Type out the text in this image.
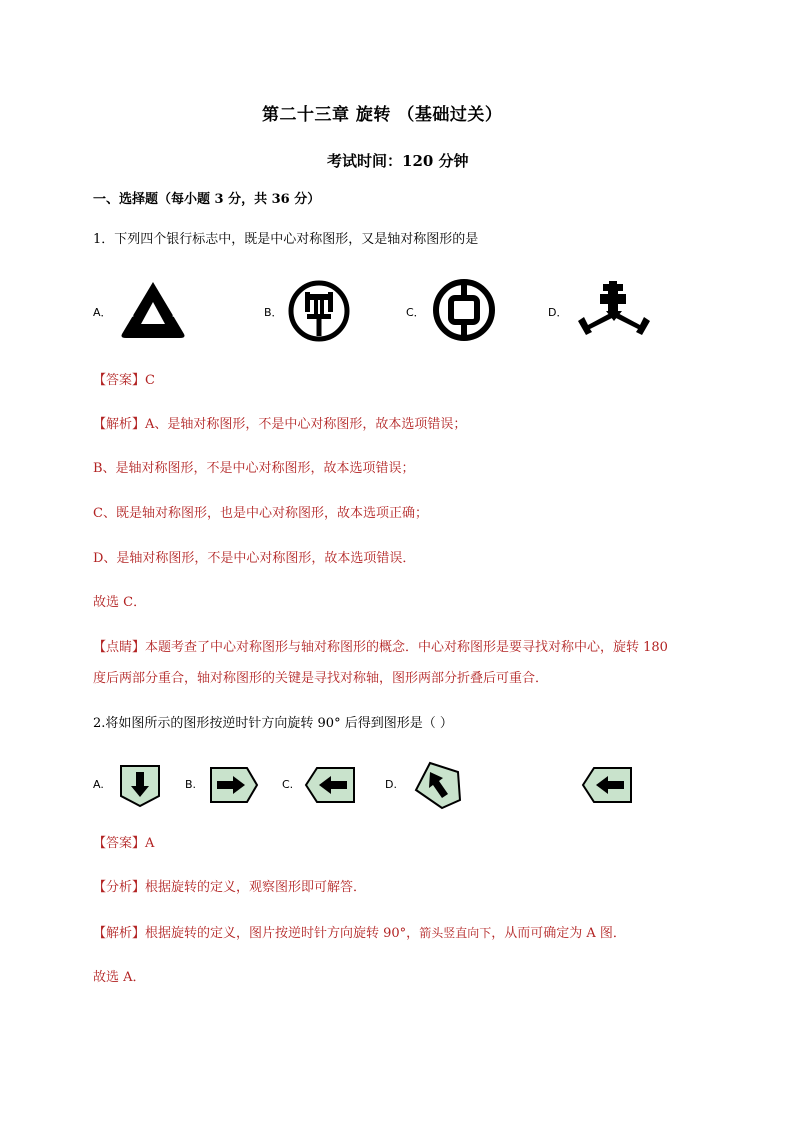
第二十三章 旋转 （基础过关）
考试时间：120 分钟
一、选择题（每小题 3 分，共 36 分）
1．下列四个银行标志中，既是中心对称图形，又是轴对称图形的是
A．	B．	C．	D．
【答案】C
【解析】A、是轴对称图形，不是中心对称图形，故本选项错误；
B、是轴对称图形，不是中心对称图形，故本选项错误；
C、既是轴对称图形，也是中心对称图形，故本选项正确；
D、是轴对称图形，不是中心对称图形，故本选项错误．
故选 C．
【点睛】本题考查了中心对称图形与轴对称图形的概念．中心对称图形是要寻找对称中心，旋转 180
度后两部分重合，轴对称图形的关键是寻找对称轴，图形两部分折叠后可重合．
2.将如图所示的图形按逆时针方向旋转 90° 后得到图形是（ ）
A.	B.	C.	D.
【答案】A
【分析】根据旋转的定义，观察图形即可解答．
【解析】根据旋转的定义，图片按逆时针方向旋转 90°，箭头竖直向下，从而可确定为 A 图．
故选 A．
